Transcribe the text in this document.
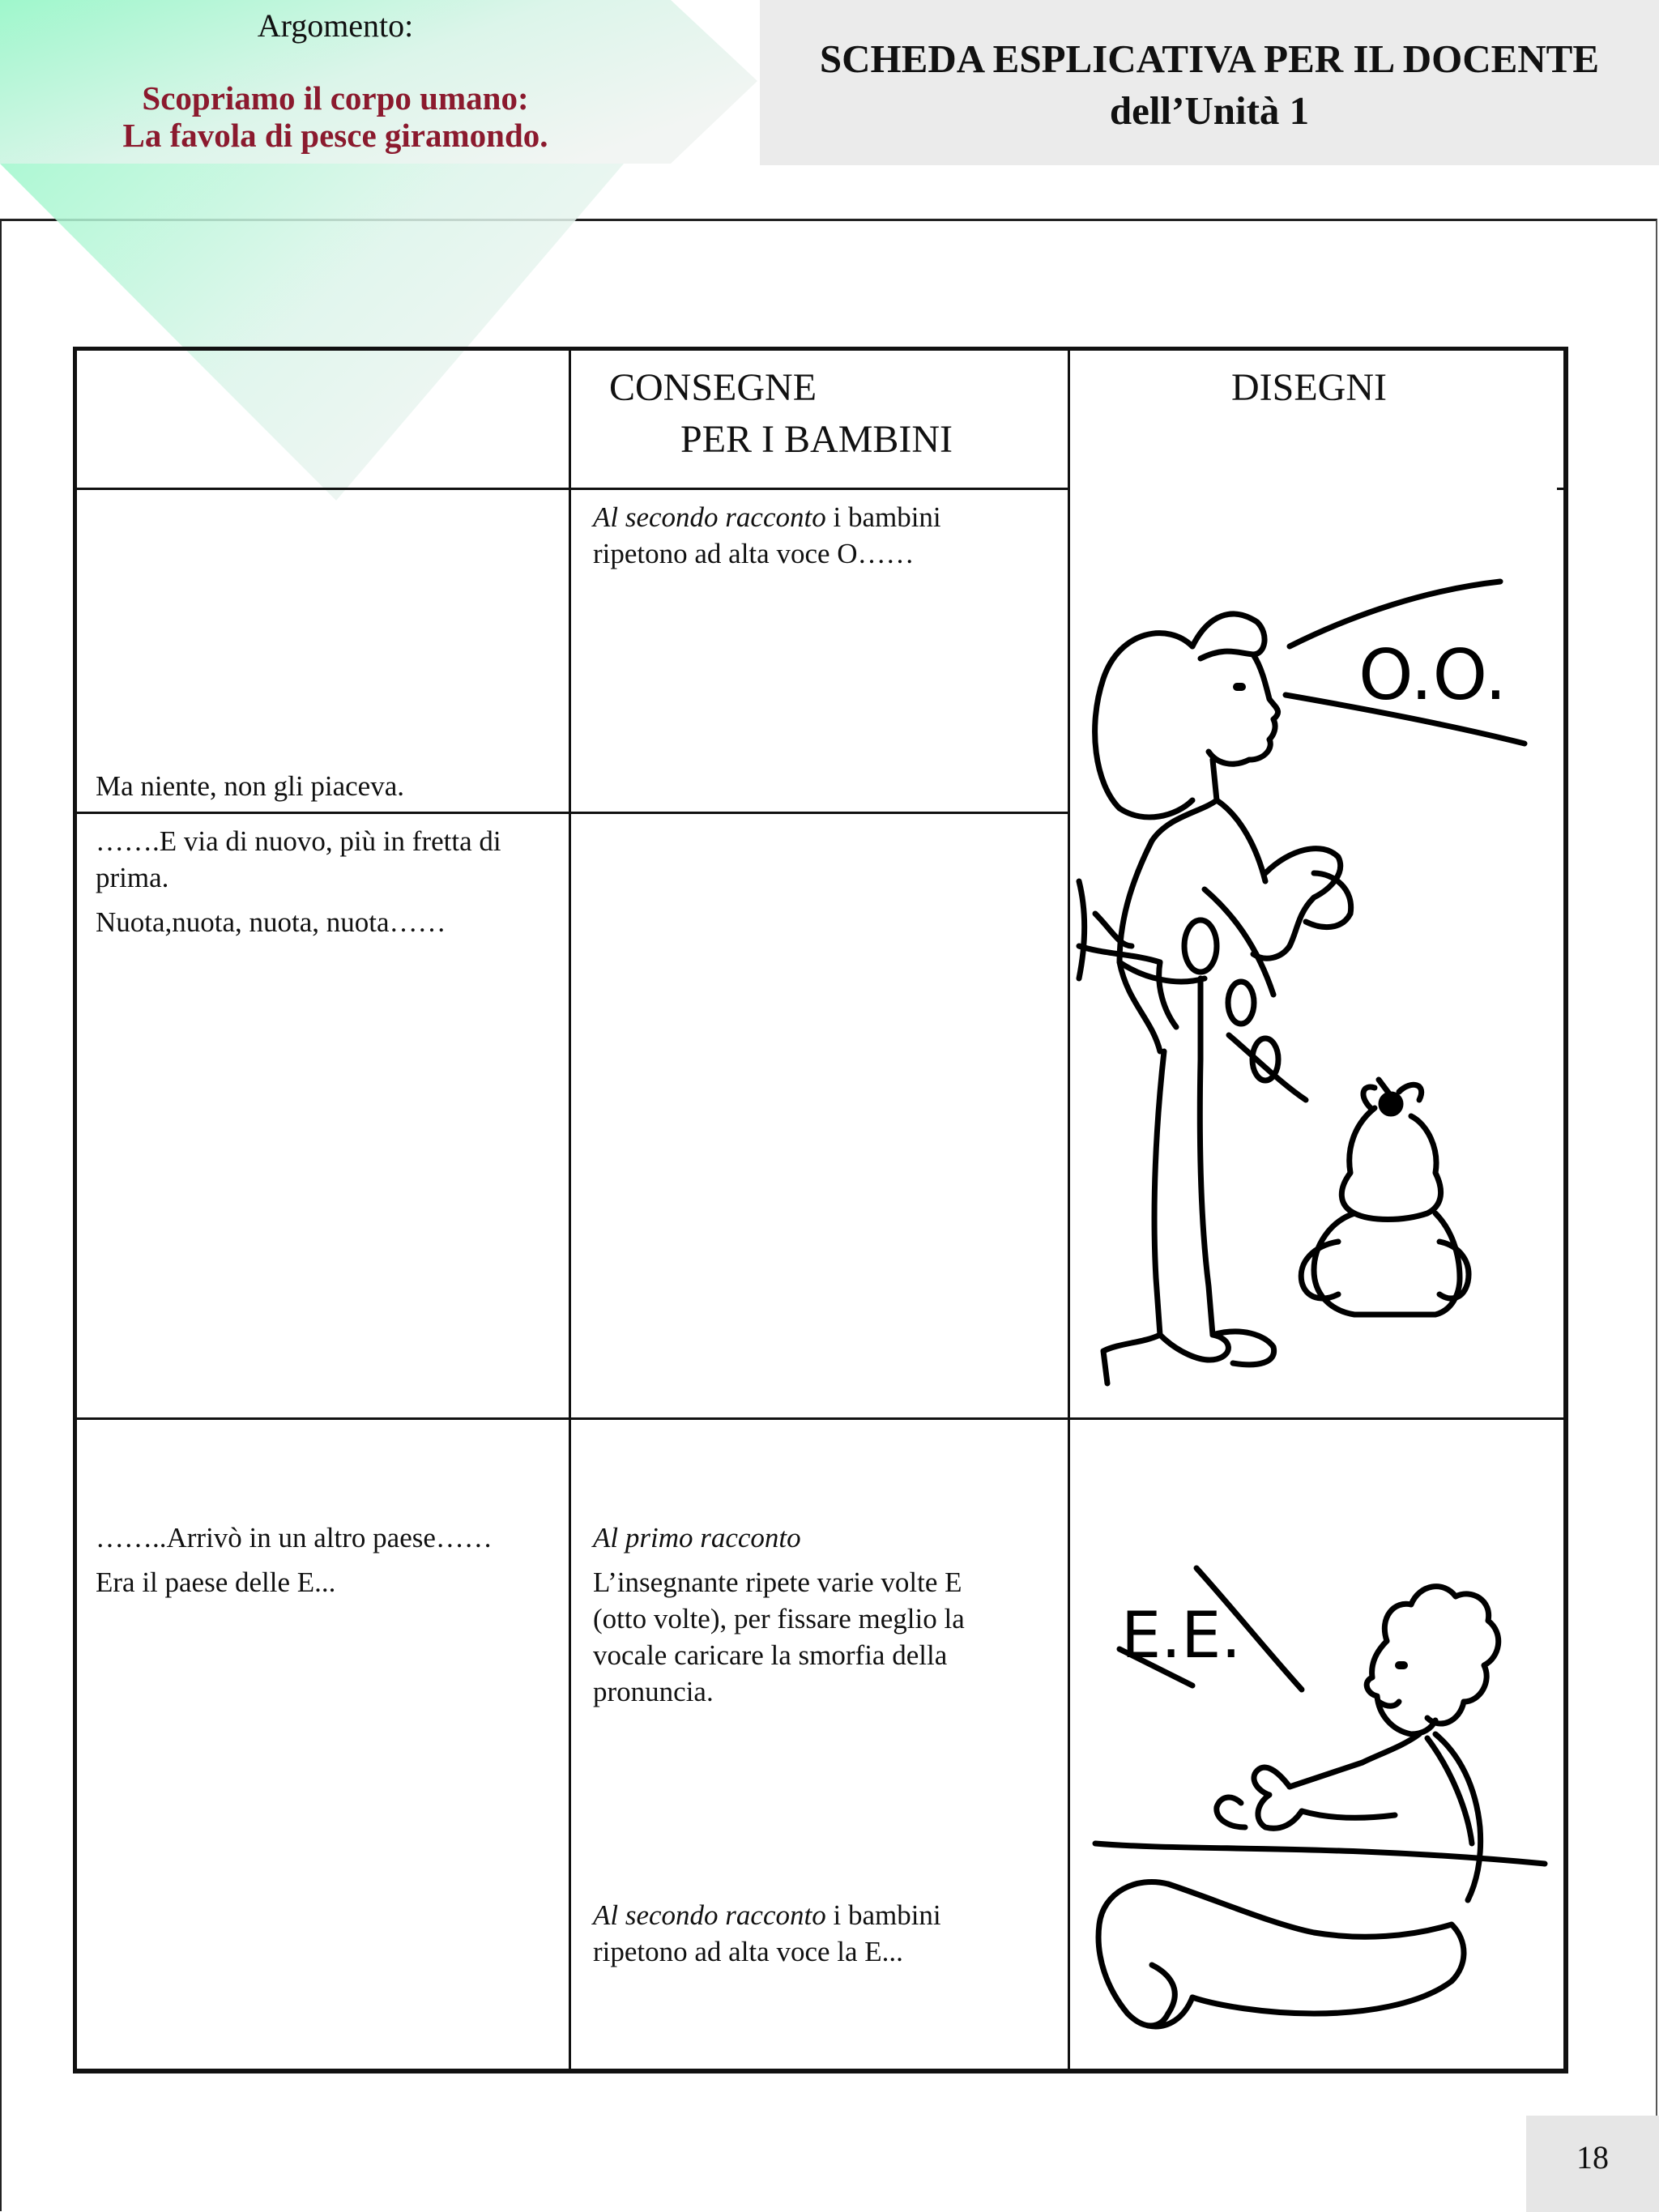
Argomento:
Scopriamo il corpo umano:
La favola di pesce giramondo.
SCHEDA ESPLICATIVA PER IL DOCENTE
dell’Unità 1
CONSEGNE
PER I BAMBINI
DISEGNI

Al secondo racconto i bambini

ripetono ad alta voce O……

Ma niente, non gli piaceva.

…….E via di nuovo, più in fretta di

prima.

Nuota,nuota, nuota, nuota……

……..Arrivò in un altro paese……

Era il paese delle E...

Al primo racconto

L’insegnante ripete varie volte E

(otto volte), per fissare meglio la

vocale caricare la smorfia della

pronuncia.

Al secondo racconto i bambini

ripetono ad alta voce la E...

O.O.
E.E.
18
